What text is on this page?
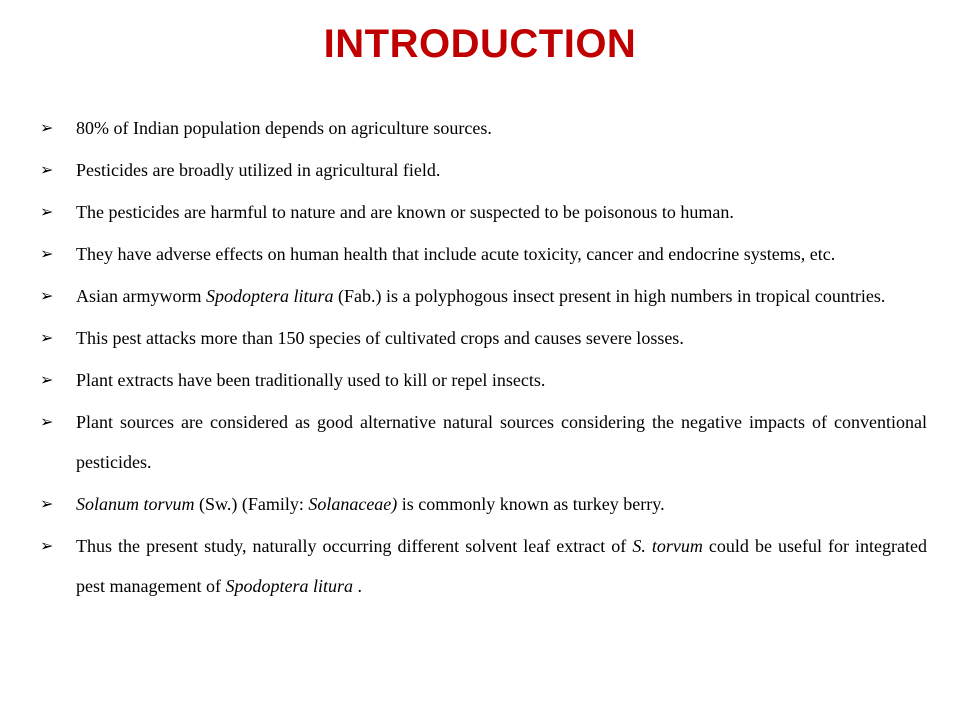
INTRODUCTION
➢ 80% of Indian population depends on agriculture sources.
➢ Pesticides are broadly utilized in agricultural field.
➢ The pesticides are harmful to nature and are known or suspected to be poisonous to human.
➢ They have adverse effects on human health that include acute toxicity, cancer and endocrine systems, etc.
➢ Asian armyworm Spodoptera litura (Fab.) is a polyphogous insect present in high numbers in tropical countries.
➢ This pest attacks more than 150 species of cultivated crops and causes severe losses.
➢ Plant extracts have been traditionally used to kill or repel insects.
➢ Plant sources are considered as good alternative natural sources considering the negative impacts of conventional pesticides.
➢ Solanum torvum (Sw.) (Family: Solanaceae) is commonly known as turkey berry.
➢ Thus the present study, naturally occurring different solvent leaf extract of S. torvum could be useful for integrated pest management of Spodoptera litura .
